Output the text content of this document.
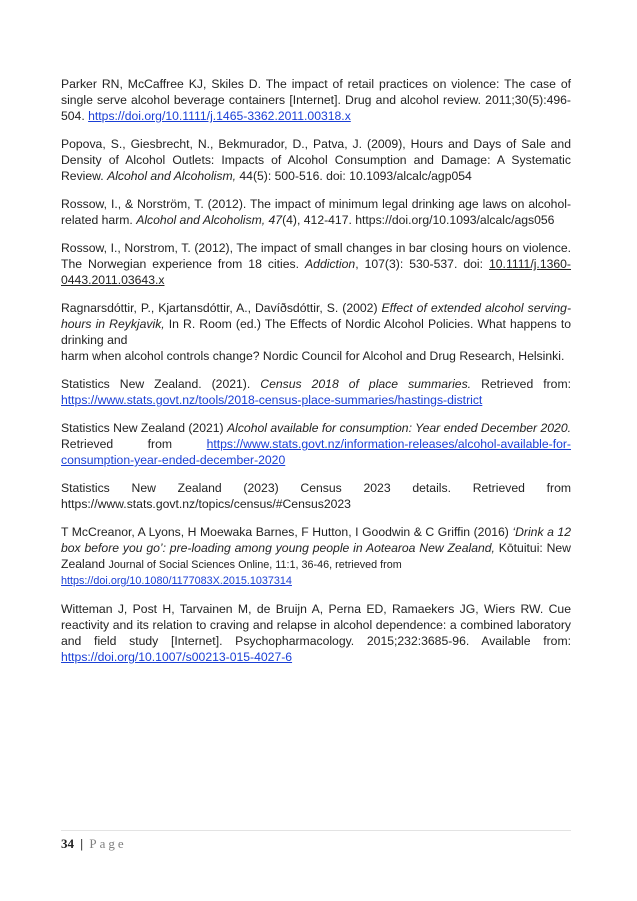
Parker RN, McCaffree KJ, Skiles D. The impact of retail practices on violence: The case of single serve alcohol beverage containers [Internet]. Drug and alcohol review. 2011;30(5):496-504. https://doi.org/10.1111/j.1465-3362.2011.00318.x

Popova, S., Giesbrecht, N., Bekmurador, D., Patva, J. (2009), Hours and Days of Sale and Density of Alcohol Outlets: Impacts of Alcohol Consumption and Damage: A Systematic Review. Alcohol and Alcoholism, 44(5): 500-516. doi: 10.1093/alcalc/agp054

Rossow, I., & Norström, T. (2012). The impact of minimum legal drinking age laws on alcohol-related harm. Alcohol and Alcoholism, 47(4), 412-417. https://doi.org/10.1093/alcalc/ags056

Rossow, I., Norstrom, T. (2012), The impact of small changes in bar closing hours on violence. The Norwegian experience from 18 cities. Addiction, 107(3): 530-537. doi: 10.1111/j.1360-0443.2011.03643.x

Ragnarsdóttir, P., Kjartansdóttir, A., Davíðsdóttir, S. (2002) Effect of extended alcohol serving-hours in Reykjavik, In R. Room (ed.) The Effects of Nordic Alcohol Policies. What happens to drinking and
harm when alcohol controls change? Nordic Council for Alcohol and Drug Research, Helsinki.

Statistics New Zealand. (2021). Census 2018 of place summaries. Retrieved from: https://www.stats.govt.nz/tools/2018-census-place-summaries/hastings-district

Statistics New Zealand (2021) Alcohol available for consumption: Year ended December 2020. Retrieved from https://www.stats.govt.nz/information-releases/alcohol-available-for-consumption-year-ended-december-2020

Statistics New Zealand (2023) Census 2023 details. Retrieved from https://www.stats.govt.nz/topics/census/#Census2023

T McCreanor, A Lyons, H Moewaka Barnes, F Hutton, I Goodwin & C Griffin (2016) ‘Drink a 12 box before you go’: pre-loading among young people in Aotearoa New Zealand, Kōtuitui: New Zealand Journal of Social Sciences Online, 11:1, 36-46, retrieved from
https://doi.org/10.1080/1177083X.2015.1037314

Witteman J, Post H, Tarvainen M, de Bruijn A, Perna ED, Ramaekers JG, Wiers RW. Cue reactivity and its relation to craving and relapse in alcohol dependence: a combined laboratory and field study [Internet]. Psychopharmacology. 2015;232:3685-96. Available from: https://doi.org/10.1007/s00213-015-4027-6

34 | Page
